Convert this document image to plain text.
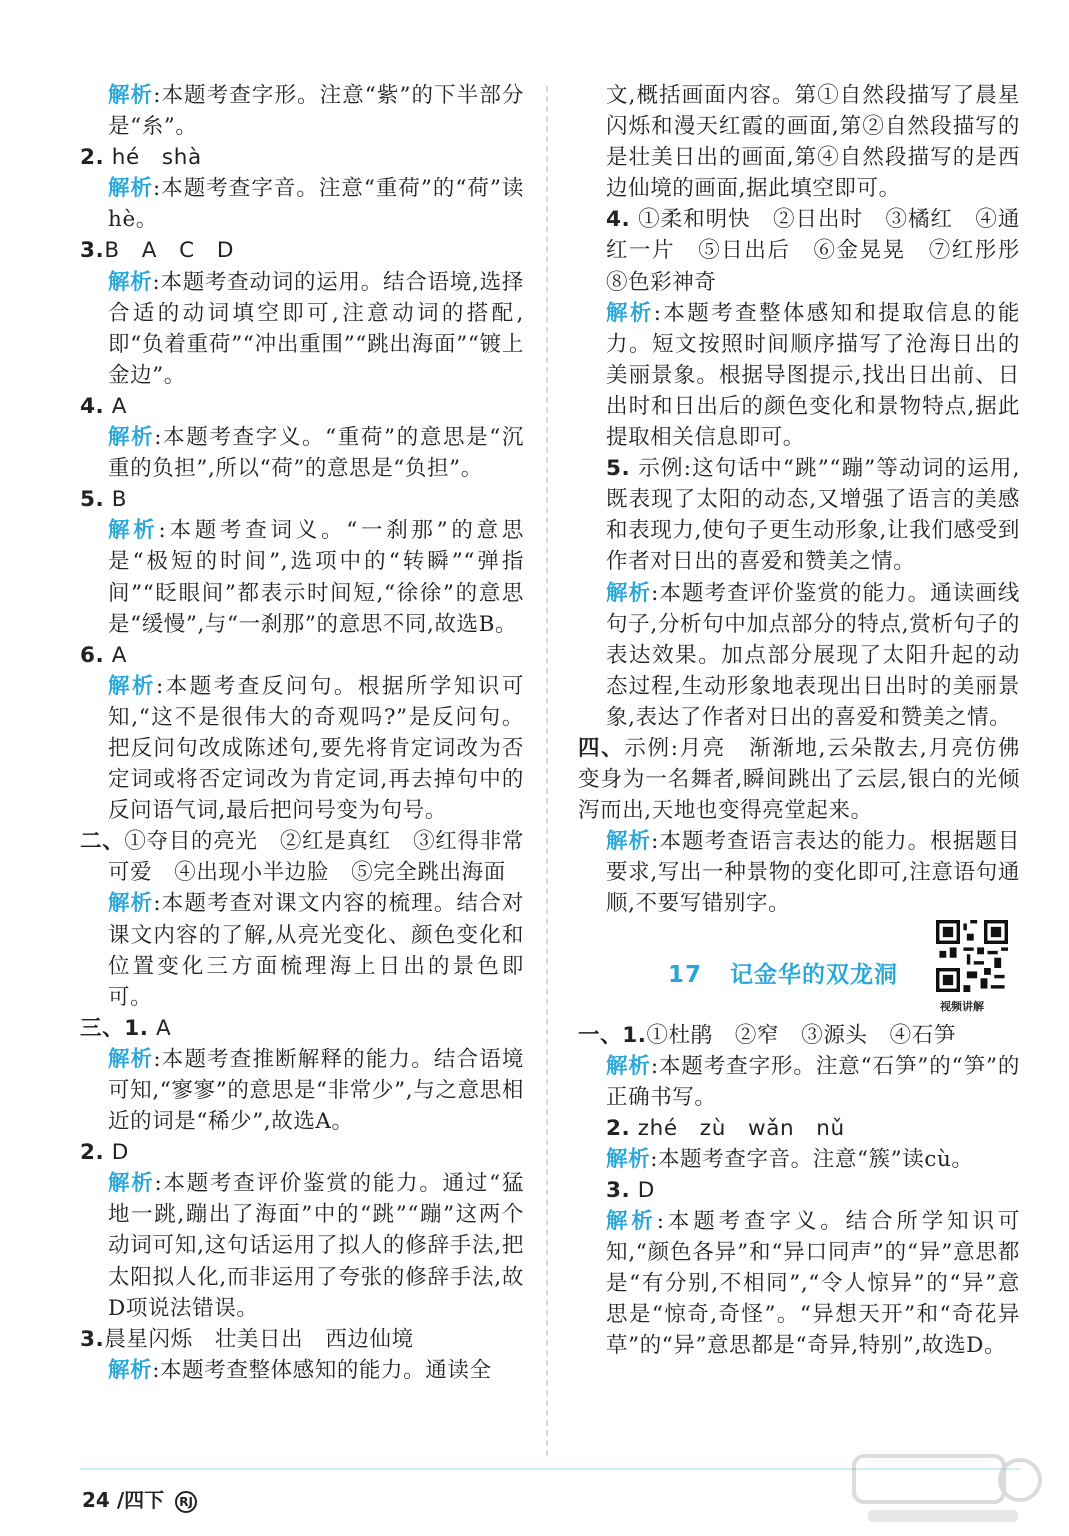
解析:本题考查字形。注意“紫”的下半部分是“糸”。

2. hé　shà

解析:本题考查字音。注意“重荷”的“荷”读hè。

3.B　A　C　D

解析:本题考查动词的运用。结合语境,选择合适的动词填空即可,注意动词的搭配,即“负着重荷”“冲出重围”“跳出海面”“镀上金边”。

4. A

解析:本题考查字义。“重荷”的意思是“沉重的负担”,所以“荷”的意思是“负担”。

5. B

解析:本题考查词义。“一刹那”的意思是“极短的时间”,选项中的“转瞬”“弹指间”“眨眼间”都表示时间短,“徐徐”的意思是“缓慢”,与“一刹那”的意思不同,故选B。

6. A

解析:本题考查反问句。根据所学知识可知,“这不是很伟大的奇观吗?”是反问句。把反问句改成陈述句,要先将肯定词改为否定词或将否定词改为肯定词,再去掉句中的反问语气词,最后把问号变为句号。

二、①夺目的亮光　②红是真红　③红得非常可爱　④出现小半边脸　⑤完全跳出海面

解析:本题考查对课文内容的梳理。结合对课文内容的了解,从亮光变化、颜色变化和位置变化三方面梳理海上日出的景色即可。

三、1. A

解析:本题考查推断解释的能力。结合语境可知,“寥寥”的意思是“非常少”,与之意思相近的词是“稀少”,故选A。

2. D

解析:本题考查评价鉴赏的能力。通过“猛地一跳,蹦出了海面”中的“跳”“蹦”这两个动词可知,这句话运用了拟人的修辞手法,把太阳拟人化,而非运用了夸张的修辞手法,故D项说法错误。

3.晨星闪烁　壮美日出　西边仙境

解析:本题考查整体感知的能力。通读全

文,概括画面内容。第①自然段描写了晨星闪烁和漫天红霞的画面,第②自然段描写的是壮美日出的画面,第④自然段描写的是西边仙境的画面,据此填空即可。

4. ①柔和明快　②日出时　③橘红　④通红一片　⑤日出后　⑥金晃晃　⑦红彤彤　⑧色彩神奇

解析:本题考查整体感知和提取信息的能力。短文按照时间顺序描写了沧海日出的美丽景象。根据导图提示,找出日出前、日出时和日出后的颜色变化和景物特点,据此提取相关信息即可。

5. 示例:这句话中“跳”“蹦”等动词的运用,既表现了太阳的动态,又增强了语言的美感和表现力,使句子更生动形象,让我们感受到作者对日出的喜爱和赞美之情。

解析:本题考查评价鉴赏的能力。通读画线句子,分析句中加点部分的特点,赏析句子的表达效果。加点部分展现了太阳升起的动态过程,生动形象地表现出日出时的美丽景象,表达了作者对日出的喜爱和赞美之情。

四、示例:月亮　渐渐地,云朵散去,月亮仿佛变身为一名舞者,瞬间跳出了云层,银白的光倾泻而出,天地也变得亮堂起来。

解析:本题考查语言表达的能力。根据题目要求,写出一种景物的变化即可,注意语句通顺,不要写错别字。

17 记金华的双龙洞
视频讲解

一、1.①杜鹃　②窄　③源头　④石笋

解析:本题考查字形。注意“石笋”的“笋”的正确书写。

2. zhé　zù　wǎn　nǔ

解析:本题考查字音。注意“簇”读cù。

3. D

解析:本题考查字义。结合所学知识可知,“颜色各异”和“异口同声”的“异”意思都是“有分别,不相同”,“令人惊异”的“异”意思是“惊奇,奇怪”。“异想天开”和“奇花异草”的“异”意思都是“奇异,特别”,故选D。

24 /四下 RJ
